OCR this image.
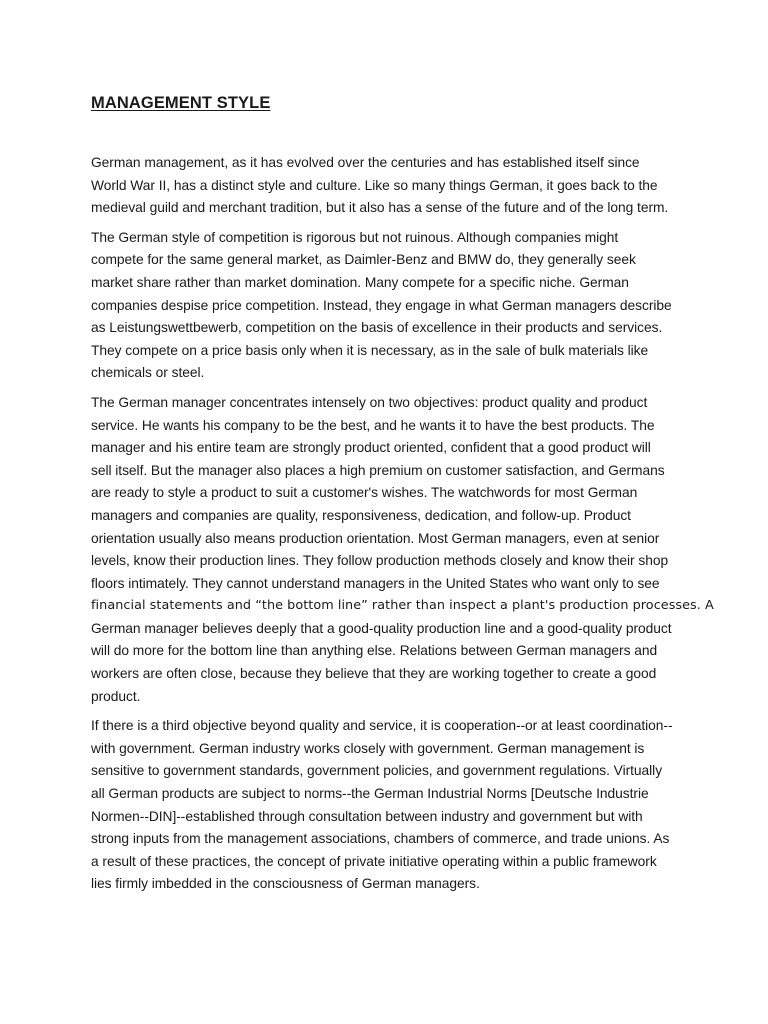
MANAGEMENT STYLE

German management, as it has evolved over the centuries and has established itself since
World War II, has a distinct style and culture. Like so many things German, it goes back to the
medieval guild and merchant tradition, but it also has a sense of the future and of the long term.

The German style of competition is rigorous but not ruinous. Although companies might
compete for the same general market, as Daimler-Benz and BMW do, they generally seek
market share rather than market domination. Many compete for a specific niche. German
companies despise price competition. Instead, they engage in what German managers describe
as Leistungswettbewerb, competition on the basis of excellence in their products and services.
They compete on a price basis only when it is necessary, as in the sale of bulk materials like
chemicals or steel.

The German manager concentrates intensely on two objectives: product quality and product
service. He wants his company to be the best, and he wants it to have the best products. The
manager and his entire team are strongly product oriented, confident that a good product will
sell itself. But the manager also places a high premium on customer satisfaction, and Germans
are ready to style a product to suit a customer's wishes. The watchwords for most German
managers and companies are quality, responsiveness, dedication, and follow-up. Product
orientation usually also means production orientation. Most German managers, even at senior
levels, know their production lines. They follow production methods closely and know their shop
floors intimately. They cannot understand managers in the United States who want only to see
financial statements and “the bottom line” rather than inspect a plant's production processes. A
German manager believes deeply that a good-quality production line and a good-quality product
will do more for the bottom line than anything else. Relations between German managers and
workers are often close, because they believe that they are working together to create a good
product.

If there is a third objective beyond quality and service, it is cooperation--or at least coordination--
with government. German industry works closely with government. German management is
sensitive to government standards, government policies, and government regulations. Virtually
all German products are subject to norms--the German Industrial Norms [Deutsche Industrie
Normen--DIN]--established through consultation between industry and government but with
strong inputs from the management associations, chambers of commerce, and trade unions. As
a result of these practices, the concept of private initiative operating within a public framework
lies firmly imbedded in the consciousness of German managers.
